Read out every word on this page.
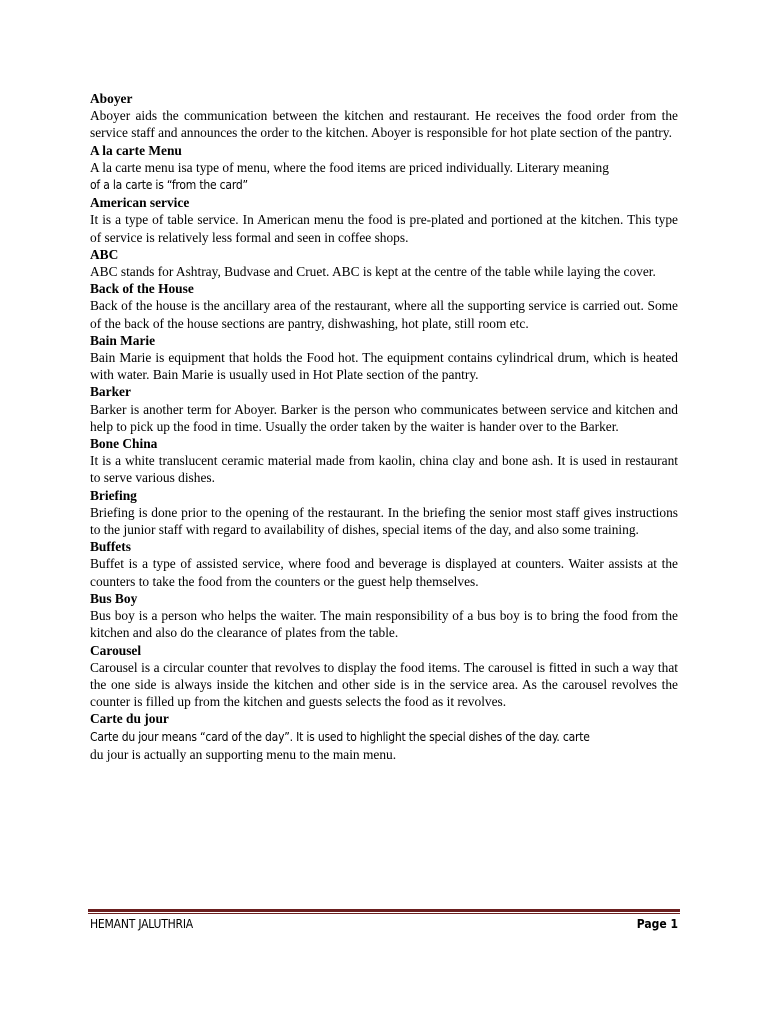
Aboyer

Aboyer aids the communication between the kitchen and restaurant. He receives the food order from the service staff and announces the order to the kitchen. Aboyer is responsible for hot plate section of the pantry.

A la carte Menu

A la carte menu isa type of menu, where the food items are priced individually. Literary meaning
of a la carte is “from the card”

American service

It is a type of table service. In American menu the food is pre-plated and portioned at the kitchen. This type of service is relatively less formal and seen in coffee shops.

ABC

ABC stands for Ashtray, Budvase and Cruet. ABC is kept at the centre of the table while laying the cover.

Back of the House

Back of the house is the ancillary area of the restaurant, where all the supporting service is carried out. Some of the back of the house sections are pantry, dishwashing, hot plate, still room etc.

Bain Marie

Bain Marie is equipment that holds the Food hot. The equipment contains cylindrical drum, which is heated with water. Bain Marie is usually used in Hot Plate section of the pantry.

Barker

Barker is another term for Aboyer. Barker is the person who communicates between service and kitchen and help to pick up the food in time. Usually the order taken by the waiter is hander over to the Barker.

Bone China

It is a white translucent ceramic material made from kaolin, china clay and bone ash. It is used in restaurant to serve various dishes.

Briefing

Briefing is done prior to the opening of the restaurant. In the briefing the senior most staff gives instructions to the junior staff with regard to availability of dishes, special items of the day, and also some training.

Buffets

Buffet is a type of assisted service, where food and beverage is displayed at counters. Waiter assists at the counters to take the food from the counters or the guest help themselves.

Bus Boy

Bus boy is a person who helps the waiter. The main responsibility of a bus boy is to bring the food from the kitchen and also do the clearance of plates from the table.

Carousel

Carousel is a circular counter that revolves to display the food items. The carousel is fitted in such a way that the one side is always inside the kitchen and other side is in the service area. As the carousel revolves the counter is filled up from the kitchen and guests selects the food as it revolves.

Carte du jour

Carte du jour means “card of the day”. It is used to highlight the special dishes of the day. carte
du jour is actually an supporting menu to the main menu.

HEMANT JALUTHRIA	Page 1
